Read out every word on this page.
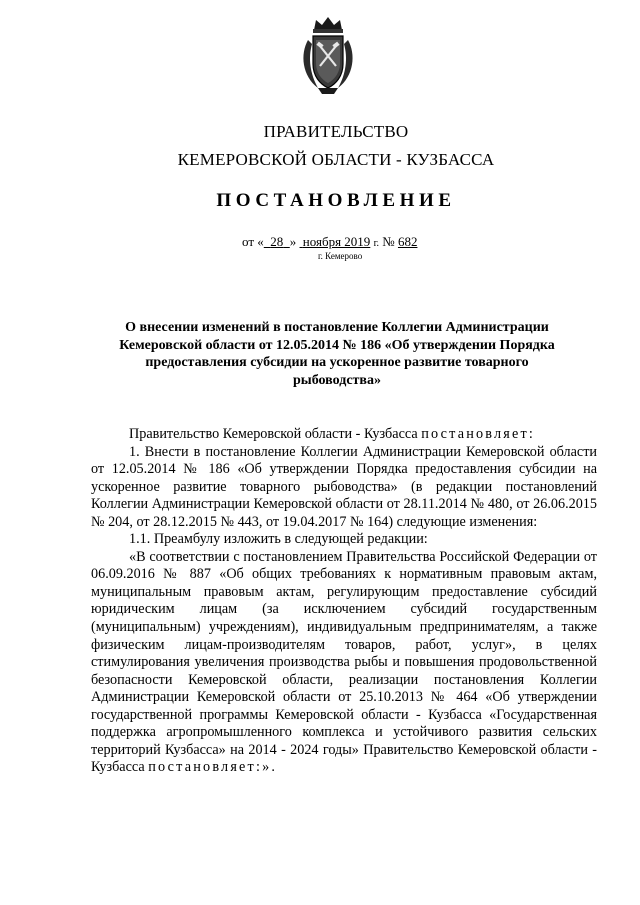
ПРАВИТЕЛЬСТВО
КЕМЕРОВСКОЙ ОБЛАСТИ - КУЗБАССА
ПОСТАНОВЛЕНИЕ
от « 28 » ноября 2019 г. № 682
г. Кемерово
О внесении изменений в постановление Коллегии Администрации Кемеровской области от 12.05.2014 № 186 «Об утверждении Порядка предоставления субсидии на ускоренное развитие товарного рыбоводства»

Правительство Кемеровской области - Кузбасса постановляет:

1. Внести в постановление Коллегии Администрации Кемеровской области от 12.05.2014 № 186 «Об утверждении Порядка предоставления субсидии на ускоренное развитие товарного рыбоводства» (в редакции постановлений Коллегии Администрации Кемеровской области от 28.11.2014 № 480, от 26.06.2015 № 204, от 28.12.2015 № 443, от 19.04.2017 № 164) следующие изменения:

1.1. Преамбулу изложить в следующей редакции:

«В соответствии с постановлением Правительства Российской Федерации от 06.09.2016 № 887 «Об общих требованиях к нормативным правовым актам, муниципальным правовым актам, регулирующим предоставление субсидий юридическим лицам (за исключением субсидий государственным (муниципальным) учреждениям), индивидуальным предпринимателям, а также физическим лицам-производителям товаров, работ, услуг», в целях стимулирования увеличения производства рыбы и повышения продовольственной безопасности Кемеровской области, реализации постановления Коллегии Администрации Кемеровской области от 25.10.2013 № 464 «Об утверждении государственной программы Кемеровской области - Кузбасса «Государственная поддержка агропромышленного комплекса и устойчивого развития сельских территорий Кузбасса» на 2014 - 2024 годы» Правительство Кемеровской области - Кузбасса постановляет:».
